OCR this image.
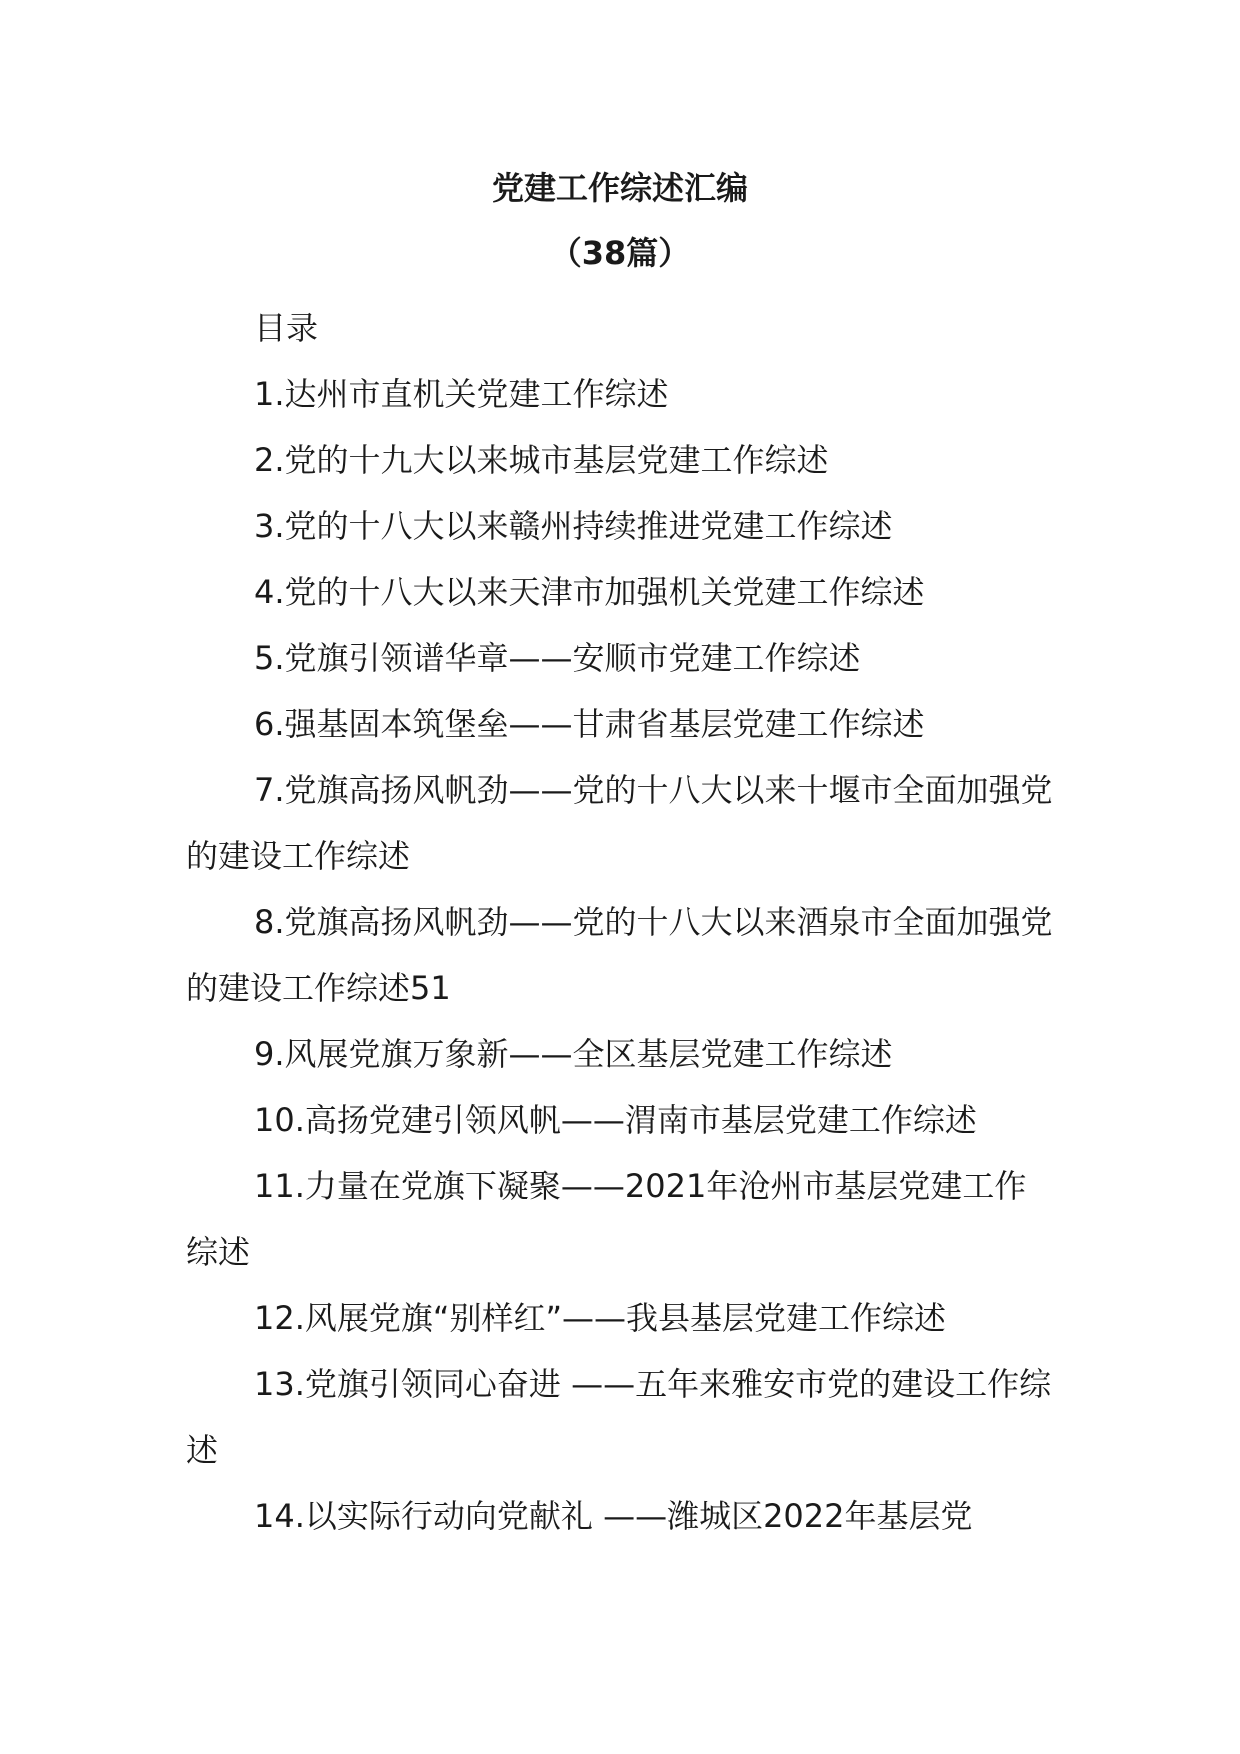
党建工作综述汇编
（38篇）

目录

1.达州市直机关党建工作综述

2.党的十九大以来城市基层党建工作综述

3.党的十八大以来赣州持续推进党建工作综述

4.党的十八大以来天津市加强机关党建工作综述

5.党旗引领谱华章——安顺市党建工作综述

6.强基固本筑堡垒——甘肃省基层党建工作综述

7.党旗高扬风帆劲——党的十八大以来十堰市全面加强党的建设工作综述

8.党旗高扬风帆劲——党的十八大以来酒泉市全面加强党的建设工作综述51

9.风展党旗万象新——全区基层党建工作综述

10.高扬党建引领风帆——渭南市基层党建工作综述

11.力量在党旗下凝聚——2021年沧州市基层党建工作综述

12.风展党旗“别样红”——我县基层党建工作综述

13.党旗引领同心奋进 ——五年来雅安市党的建设工作综述

14.以实际行动向党献礼 ——潍城区2022年基层党
